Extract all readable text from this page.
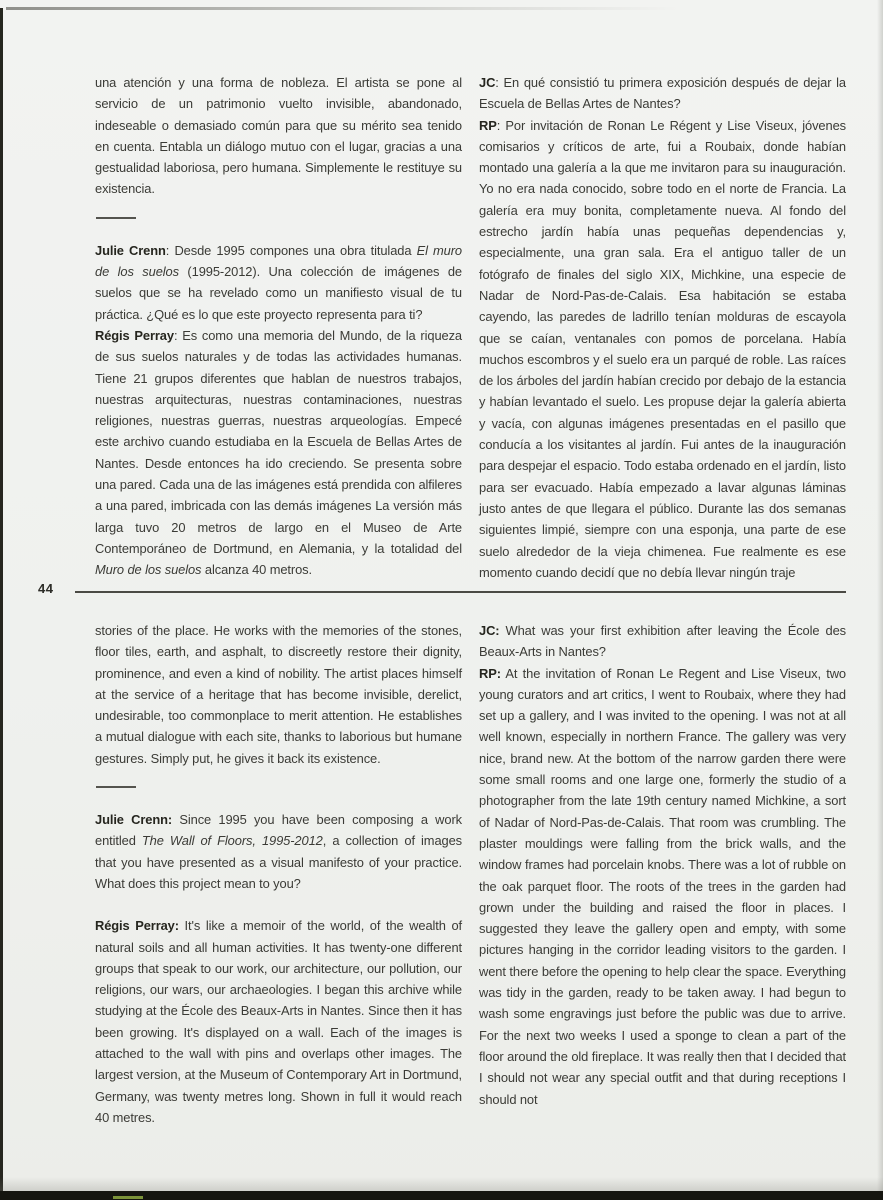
una atención y una forma de nobleza. El artista se pone al servicio de un patrimonio vuelto invisible, abandonado, indeseable o demasiado común para que su mérito sea tenido en cuenta. Entabla un diálogo mutuo con el lugar, gracias a una gestualidad laboriosa, pero humana. Simplemente le restituye su existencia.

Julie Crenn: Desde 1995 compones una obra titulada El muro de los suelos (1995-2012). Una colección de imágenes de suelos que se ha revelado como un manifiesto visual de tu práctica. ¿Qué es lo que este proyecto representa para ti?

Régis Perray: Es como una memoria del Mundo, de la riqueza de sus suelos naturales y de todas las actividades humanas. Tiene 21 grupos diferentes que hablan de nuestros trabajos, nuestras arquitecturas, nuestras contaminaciones, nuestras religiones, nuestras guerras, nuestras arqueologías. Empecé este archivo cuando estudiaba en la Escuela de Bellas Artes de Nantes. Desde entonces ha ido creciendo. Se presenta sobre una pared. Cada una de las imágenes está prendida con alfileres a una pared, imbricada con las demás imágenes La versión más larga tuvo 20 metros de largo en el Museo de Arte Contemporáneo de Dortmund, en Alemania, y la totalidad del Muro de los suelos alcanza 40 metros.

JC: En qué consistió tu primera exposición después de dejar la Escuela de Bellas Artes de Nantes?

RP: Por invitación de Ronan Le Régent y Lise Viseux, jóvenes comisarios y críticos de arte, fui a Roubaix, donde habían montado una galería a la que me invitaron para su inauguración. Yo no era nada conocido, sobre todo en el norte de Francia. La galería era muy bonita, completamente nueva. Al fondo del estrecho jardín había unas pequeñas dependencias y, especialmente, una gran sala. Era el antiguo taller de un fotógrafo de finales del siglo XIX, Michkine, una especie de Nadar de Nord-Pas-de-Calais. Esa habitación se estaba cayendo, las paredes de ladrillo tenían molduras de escayola que se caían, ventanales con pomos de porcelana. Había muchos escombros y el suelo era un parqué de roble. Las raíces de los árboles del jardín habían crecido por debajo de la estancia y habían levantado el suelo. Les propuse dejar la galería abierta y vacía, con algunas imágenes presentadas en el pasillo que conducía a los visitantes al jardín. Fui antes de la inauguración para despejar el espacio. Todo estaba ordenado en el jardín, listo para ser evacuado. Había empezado a lavar algunas láminas justo antes de que llegara el público. Durante las dos semanas siguientes limpié, siempre con una esponja, una parte de ese suelo alrededor de la vieja chimenea. Fue realmente es ese momento cuando decidí que no debía llevar ningún traje

44

stories of the place. He works with the memories of the stones, floor tiles, earth, and asphalt, to discreetly restore their dignity, prominence, and even a kind of nobility. The artist places himself at the service of a heritage that has become invisible, derelict, undesirable, too commonplace to merit attention. He establishes a mutual dialogue with each site, thanks to laborious but humane gestures. Simply put, he gives it back its existence.

Julie Crenn: Since 1995 you have been composing a work entitled The Wall of Floors, 1995-2012, a collection of images that you have presented as a visual manifesto of your practice. What does this project mean to you?

Régis Perray: It's like a memoir of the world, of the wealth of natural soils and all human activities. It has twenty-one different groups that speak to our work, our architecture, our pollution, our religions, our wars, our archaeologies. I began this archive while studying at the École des Beaux-Arts in Nantes. Since then it has been growing. It's displayed on a wall. Each of the images is attached to the wall with pins and overlaps other images. The largest version, at the Museum of Contemporary Art in Dortmund, Germany, was twenty metres long. Shown in full it would reach 40 metres.

JC: What was your first exhibition after leaving the École des Beaux-Arts in Nantes?

RP: At the invitation of Ronan Le Regent and Lise Viseux, two young curators and art critics, I went to Roubaix, where they had set up a gallery, and I was invited to the opening. I was not at all well known, especially in northern France. The gallery was very nice, brand new. At the bottom of the narrow garden there were some small rooms and one large one, formerly the studio of a photographer from the late 19th century named Michkine, a sort of Nadar of Nord-Pas-de-Calais. That room was crumbling. The plaster mouldings were falling from the brick walls, and the window frames had porcelain knobs. There was a lot of rubble on the oak parquet floor. The roots of the trees in the garden had grown under the building and raised the floor in places. I suggested they leave the gallery open and empty, with some pictures hanging in the corridor leading visitors to the garden. I went there before the opening to help clear the space. Everything was tidy in the garden, ready to be taken away. I had begun to wash some engravings just before the public was due to arrive. For the next two weeks I used a sponge to clean a part of the floor around the old fireplace. It was really then that I decided that I should not wear any special outfit and that during receptions I should not
